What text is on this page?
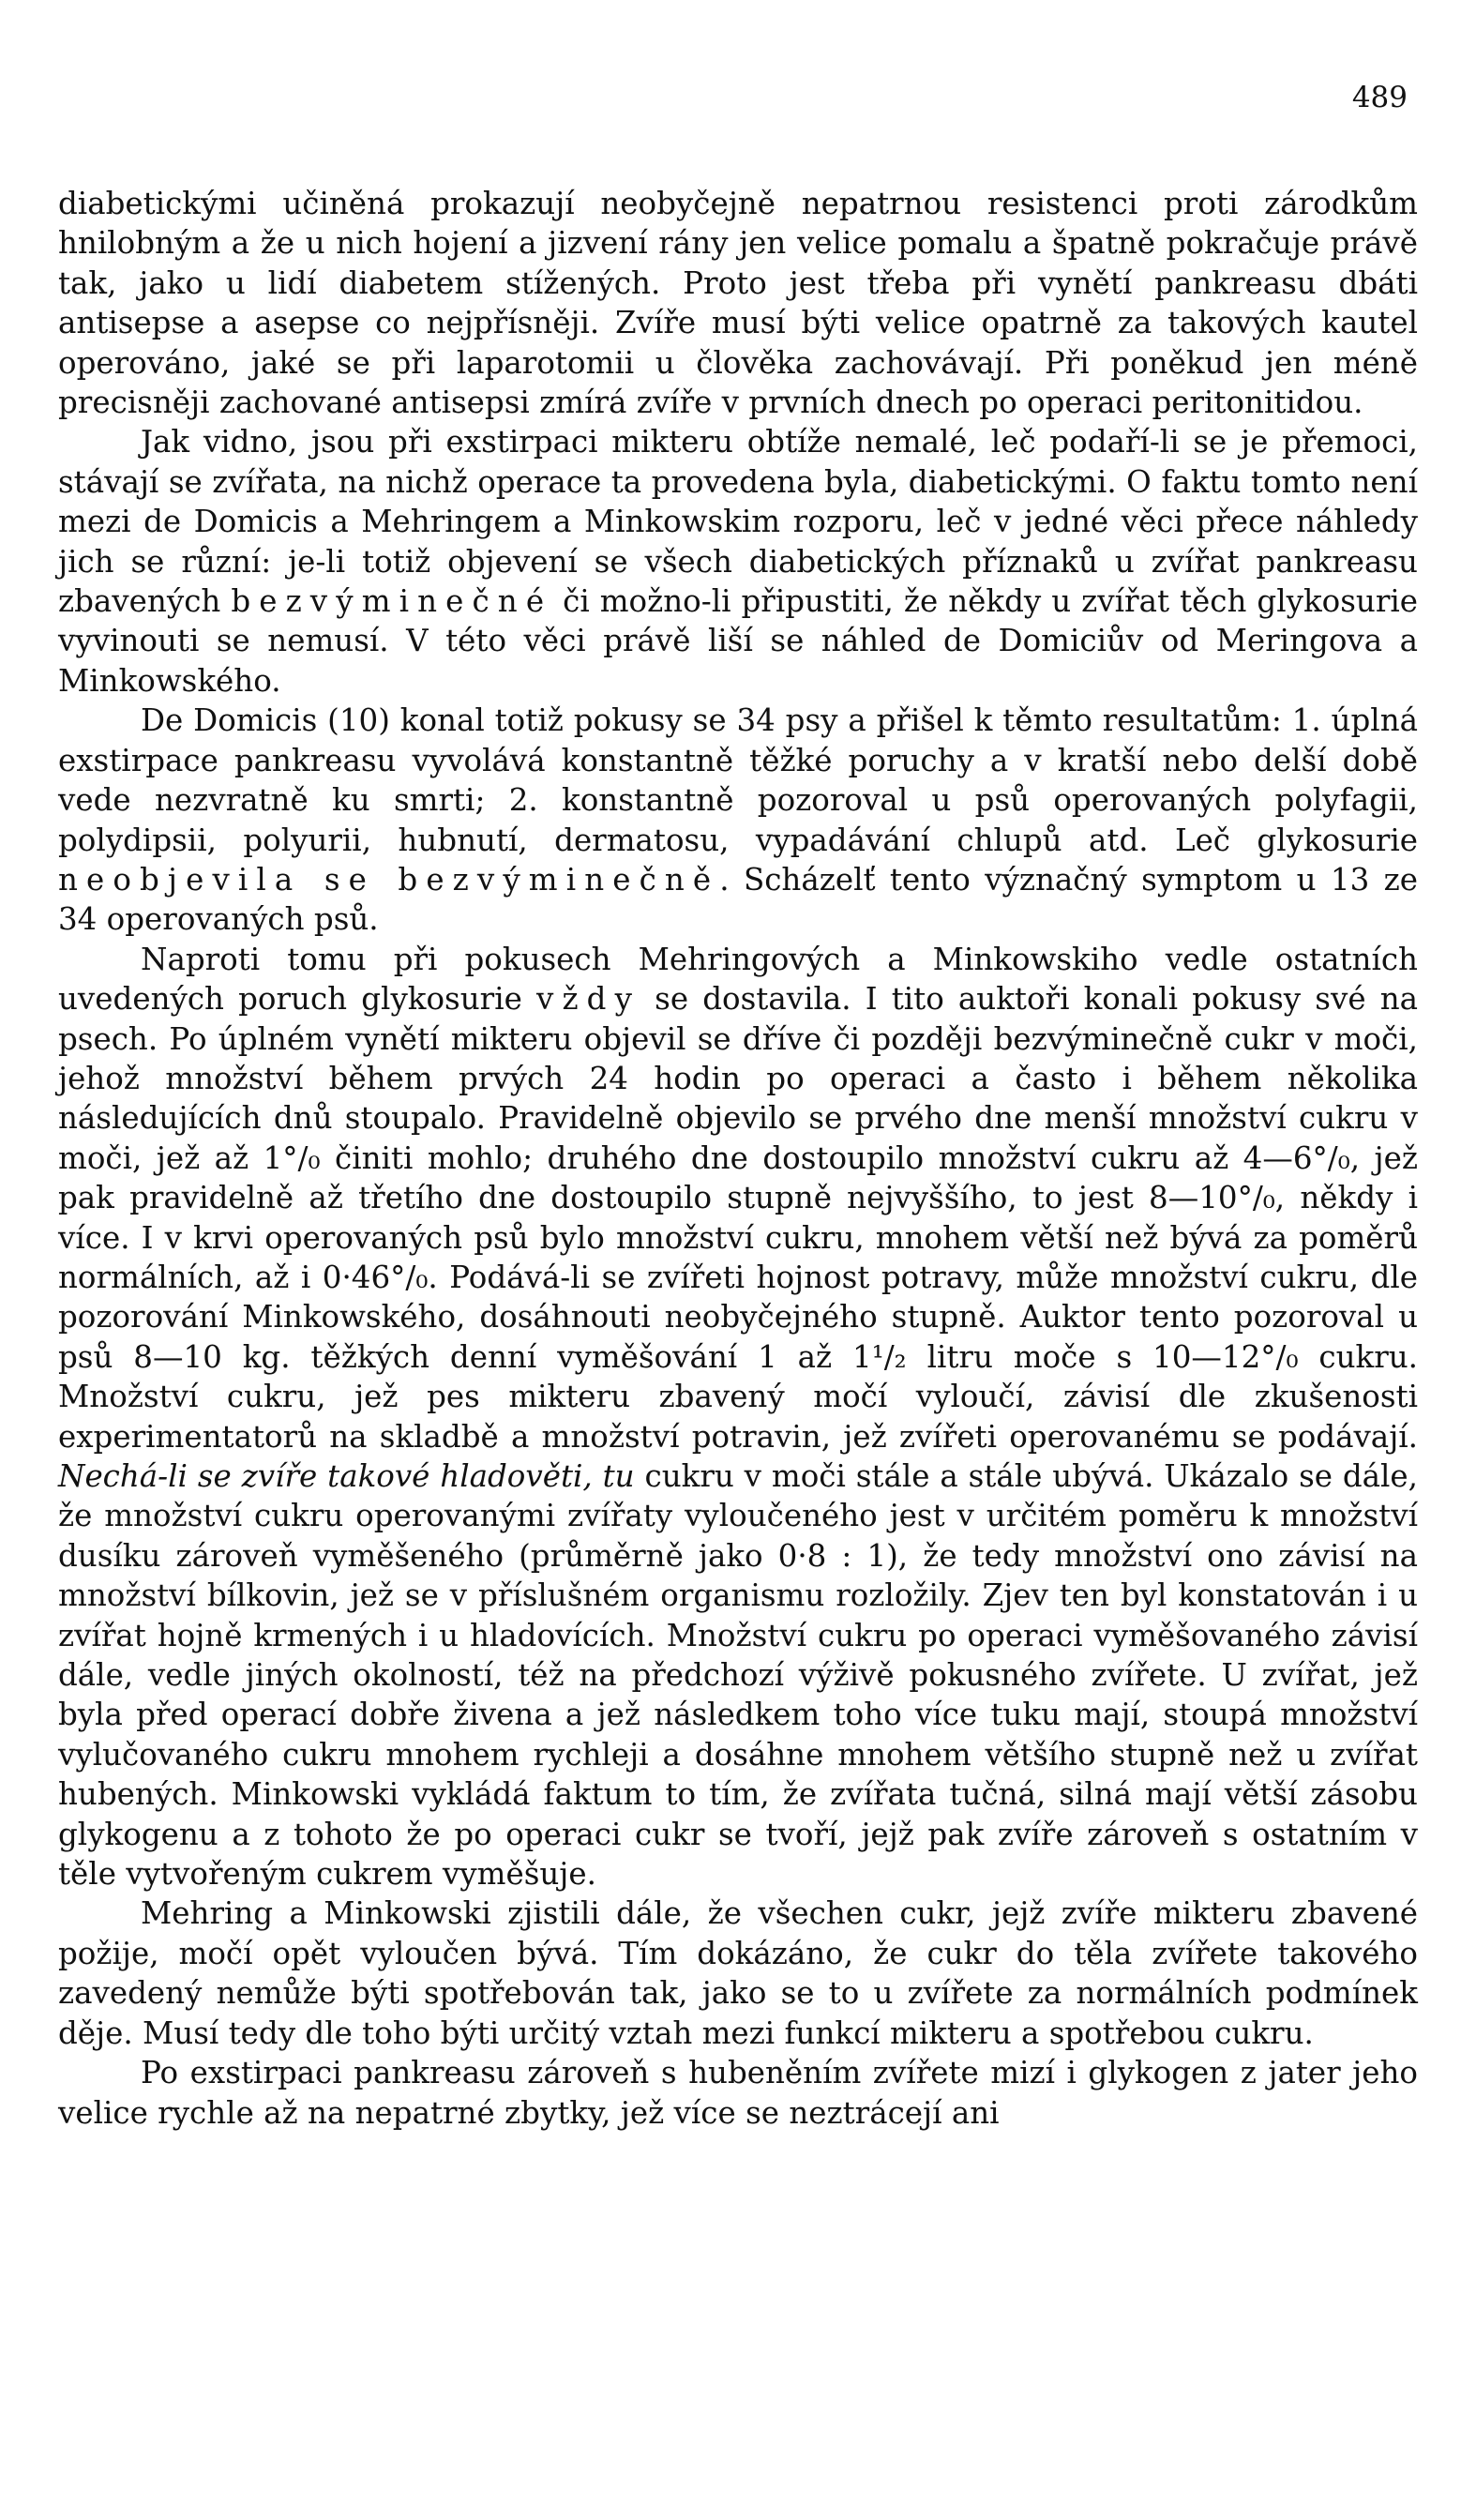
489

diabetickými učiněná prokazují neobyčejně nepatrnou resistenci proti zárodkům hnilobným a že u nich hojení a jizvení rány jen velice pomalu a špatně pokračuje právě tak, jako u lidí diabetem stížených. Proto jest třeba při vynětí pankreasu dbáti antisepse a asepse co nejpřísněji. Zvíře musí býti velice opatrně za takových kautel operováno, jaké se při laparotomii u člověka zachovávají. Při poněkud jen méně precisněji zachované antisepsi zmírá zvíře v prvních dnech po operaci peritonitidou.

Jak vidno, jsou při exstirpaci mikteru obtíže nemalé, leč podaří-li se je přemoci, stávají se zvířata, na nichž operace ta provedena byla, diabetickými. O faktu tomto není mezi de Domicis a Mehringem a Minkowskim rozporu, leč v jedné věci přece náhledy jich se různí: je-li totiž objevení se všech diabetických příznaků u zvířat pankreasu zbavených bezvýminečné či možno-li připustiti, že někdy u zvířat těch glykosurie vyvinouti se nemusí. V této věci právě liší se náhled de Domiciův od Meringova a Minkowského.

De Domicis (10) konal totiž pokusy se 34 psy a přišel k těmto resultatům: 1. úplná exstirpace pankreasu vyvolává konstantně těžké poruchy a v kratší nebo delší době vede nezvratně ku smrti; 2. konstantně pozoroval u psů operovaných polyfagii, polydipsii, polyurii, hubnutí, dermatosu, vypadávání chlupů atd. Leč glykosurie neobjevila se bezvýminečně. Scházelť tento význačný symptom u 13 ze 34 operovaných psů.

Naproti tomu při pokusech Mehringových a Minkowskiho vedle ostatních uvedených poruch glykosurie vždy se dostavila. I tito auktoři konali pokusy své na psech. Po úplném vynětí mikteru objevil se dříve či později bezvýminečně cukr v moči, jehož množství během prvých 24 hodin po operaci a často i během několika následujících dnů stoupalo. Pravidelně objevilo se prvého dne menší množství cukru v moči, jež až 1°/₀ činiti mohlo; druhého dne dostoupilo množství cukru až 4—6°/₀, jež pak pravidelně až třetího dne dostoupilo stupně nejvyššího, to jest 8—10°/₀, někdy i více. I v krvi operovaných psů bylo množství cukru, mnohem větší než bývá za poměrů normálních, až i 0·46°/₀. Podává-li se zvířeti hojnost potravy, může množství cukru, dle pozorování Minkowského, dosáhnouti neobyčejného stupně. Auktor tento pozoroval u psů 8—10 kg. těžkých denní vyměšování 1 až 1¹/₂ litru moče s 10—12°/₀ cukru. Množství cukru, jež pes mikteru zbavený močí vyloučí, závisí dle zkušenosti experimentatorů na skladbě a množství potravin, jež zvířeti operovanému se podávají. Nechá-li se zvíře takové hladověti, tu cukru v moči stále a stále ubývá. Ukázalo se dále, že množství cukru operovanými zvířaty vyloučeného jest v určitém poměru k množství dusíku zároveň vyměšeného (průměrně jako 0·8 : 1), že tedy množství ono závisí na množství bílkovin, jež se v příslušném organismu rozložily. Zjev ten byl konstatován i u zvířat hojně krmených i u hladovících. Množství cukru po operaci vyměšovaného závisí dále, vedle jiných okolností, též na předchozí výživě pokusného zvířete. U zvířat, jež byla před operací dobře živena a jež následkem toho více tuku mají, stoupá množství vylučovaného cukru mnohem rychleji a dosáhne mnohem většího stupně než u zvířat hubených. Minkowski vykládá faktum to tím, že zvířata tučná, silná mají větší zásobu glykogenu a z tohoto že po operaci cukr se tvoří, jejž pak zvíře zároveň s ostatním v těle vytvořeným cukrem vyměšuje.

Mehring a Minkowski zjistili dále, že všechen cukr, jejž zvíře mikteru zbavené požije, močí opět vyloučen bývá. Tím dokázáno, že cukr do těla zvířete takového zavedený nemůže býti spotřebován tak, jako se to u zvířete za normálních podmínek děje. Musí tedy dle toho býti určitý vztah mezi funkcí mikteru a spotřebou cukru.

Po exstirpaci pankreasu zároveň s hubeněním zvířete mizí i glykogen z jater jeho velice rychle až na nepatrné zbytky, jež více se neztrácejí ani
